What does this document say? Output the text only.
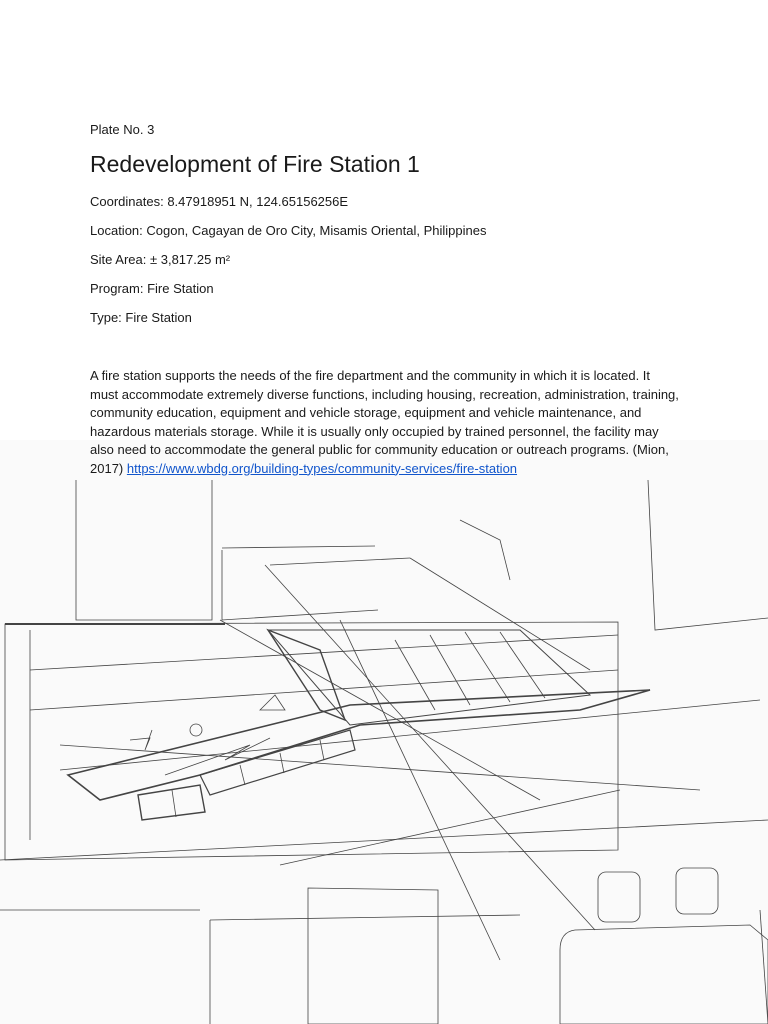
Plate No. 3
Redevelopment of Fire Station 1
Coordinates: 8.47918951 N, 124.65156256E
Location: Cogon, Cagayan de Oro City, Misamis Oriental, Philippines
Site Area: ± 3,817.25 m²
Program: Fire Station
Type: Fire Station

A fire station supports the needs of the fire department and the community in which it is located. It must accommodate extremely diverse functions, including housing, recreation, administration, training, community education, equipment and vehicle storage, equipment and vehicle maintenance, and hazardous materials storage. While it is usually only occupied by trained personnel, the facility may also need to accommodate the general public for community education or outreach programs. (Mion, 2017) https://www.wbdg.org/building-types/community-services/fire-station
